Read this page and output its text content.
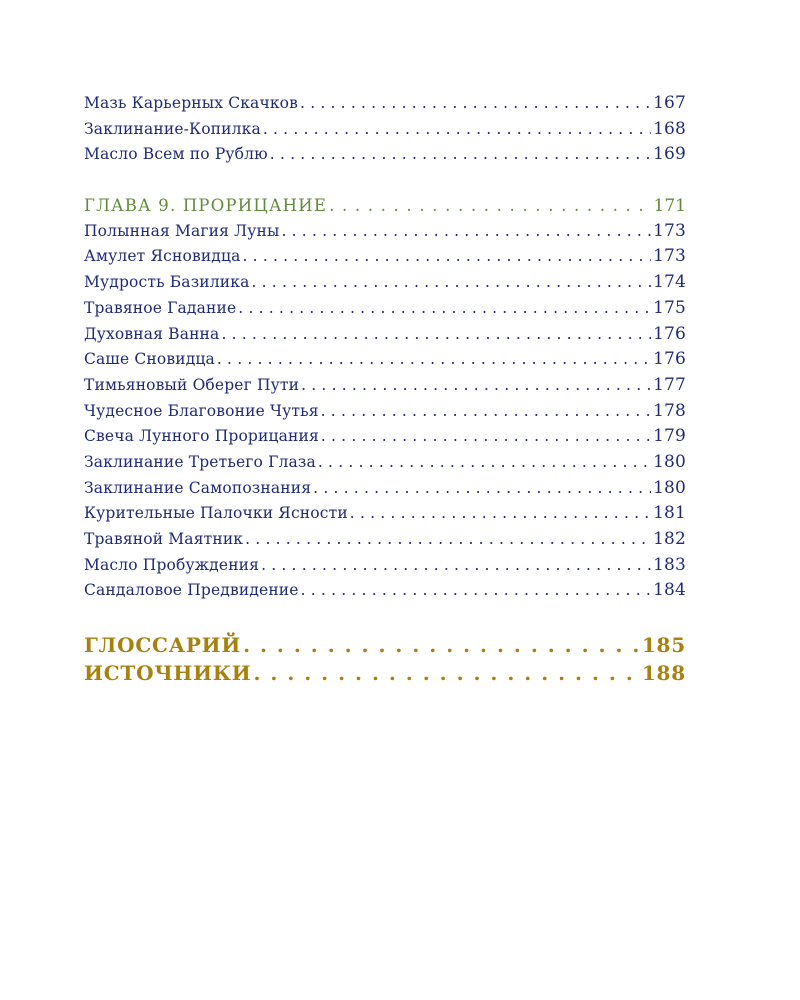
Мазь Карьерных Скачков . . .	167
Заклинание-Копилка . . .	168
Масло Всем по Рублю . . .	169
ГЛАВА 9. ПРОРИЦАНИЕ . . .	171
Полынная Магия Луны . . .	173
Амулет Ясновидца . . .	173
Мудрость Базилика . . .	174
Травяное Гадание . . .	175
Духовная Ванна . . .	176
Саше Сновидца . . .	176
Тимьяновый Оберег Пути . . .	177
Чудесное Благовоние Чутья . . .	178
Свеча Лунного Прорицания . . .	179
Заклинание Третьего Глаза . . .	180
Заклинание Самопознания . . .	180
Курительные Палочки Ясности . . .	181
Травяной Маятник . . .	182
Масло Пробуждения . . .	183
Сандаловое Предвидение . . .	184
ГЛОССАРИЙ . . .	185
ИСТОЧНИКИ . . .	188
